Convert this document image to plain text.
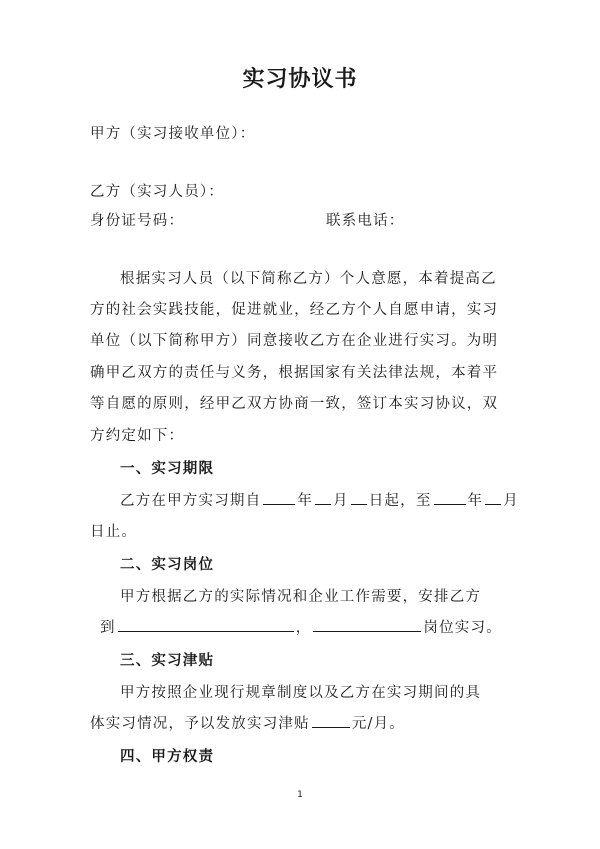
实习协议书
甲方（实习接收单位）：
乙方（实习人员）：
身份证号码：	联系电话：
根据实习人员（以下简称乙方）个人意愿，本着提高乙
方的社会实践技能，促进就业，经乙方个人自愿申请，实习
单位（以下简称甲方）同意接收乙方在企业进行实习。为明
确甲乙双方的责任与义务，根据国家有关法律法规，本着平
等自愿的原则，经甲乙双方协商一致，签订本实习协议，双
方约定如下：
一、实习期限
乙方在甲方实习期自 年 月 日起，至 年 月
日止。
二、实习岗位
甲方根据乙方的实际情况和企业工作需要，安排乙方
到	，	岗位实习。
三、实习津贴
甲方按照企业现行规章制度以及乙方在实习期间的具
体实习情况，予以发放实习津贴	元/月。
四、甲方权责
1
